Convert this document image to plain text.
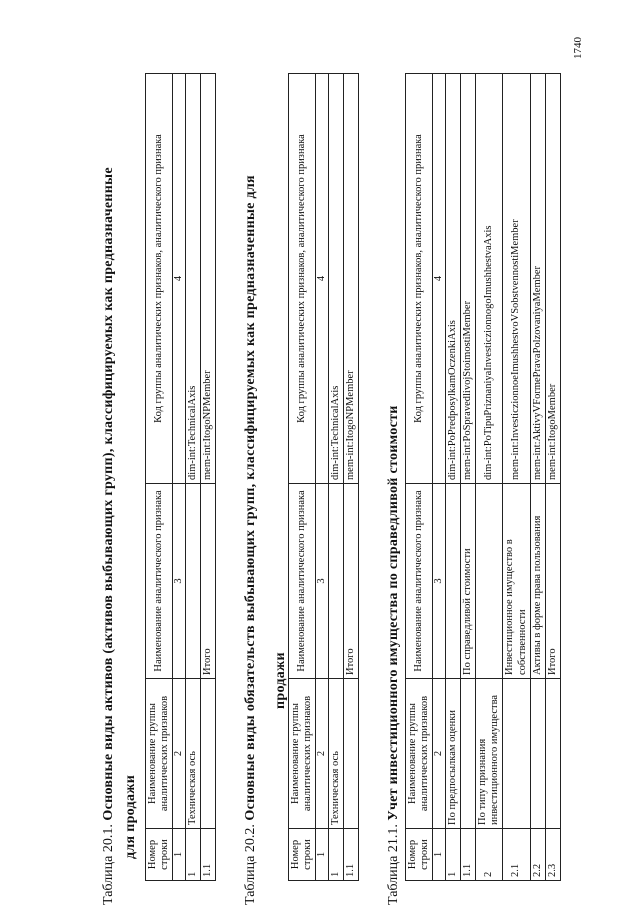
Таблица 20.1. Основные виды активов (активов выбывающих групп), классифицируемых как предназначенные для продажи Номер строки	Наименование группы аналитических признаков	Наименование аналитического признака	Код группы аналитических признаков, аналитического признака
1	2	3	4
1	Техническая ось		dim-int:TechnicalAxis
1.1		Итого	mem-int:ItogoNPMember
Таблица 20.2. Основные виды обязательств выбывающих групп, классифицируемых как предназначенные для продажи
Номер строки	Наименование группы аналитических признаков	Наименование аналитического признака	Код группы аналитических признаков, аналитического признака
1	2	3	4
1	Техническая ось		dim-int:TechnicalAxis
1.1		Итого	mem-int:ItogoNPMember
Таблица 21.1. Учет инвестиционного имущества по справедливой стоимости
Номер строки	Наименование группы аналитических признаков	Наименование аналитического признака	Код группы аналитических признаков, аналитического признака
1	2	3	4
1	По предпосылкам оценки		dim-int:PoPredposylkamOczenkiAxis
1.1		По справедливой стоимости	mem-int:PoSpravedlivojStoimostiMember
2	По типу признания инвестиционного имущества		dim-int:PoTipuPriznaniyaInvesticzionnogoImushhestvaAxis
2.1		Инвестиционное имущество в собственности	mem-int:InvesticzionnoeImushhestvoVSobstvennostiMember
2.2		Активы в форме права пользования	mem-int:AktivyVFormePravaPolzovaniyaMember
2.3		Итого	mem-int:ItogoMember
1740
